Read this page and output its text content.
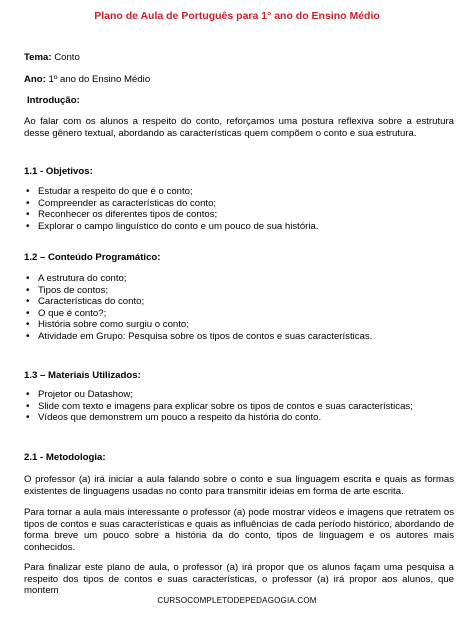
Plano de Aula de Português para 1° ano do Ensino Médio
Tema: Conto
Ano: 1º ano do Ensino Médio
Introdução:
Ao falar com os alunos a respeito do conto, reforçamos uma postura reflexiva sobre a estrutura desse gênero textual, abordando as características quem compõem o conto e sua estrutura.
1.1 - Objetivos:
• Estudar a respeito do que é o conto;
• Compreender as características do conto;
• Reconhecer os diferentes tipos de contos;
• Explorar o campo linguístico do conto e um pouco de sua história.
1.2 – Conteúdo Programático:
• A estrutura do conto;
• Tipos de contos;
• Características do conto;
• O que é conto?;
• História sobre como surgiu o conto;
• Atividade em Grupo: Pesquisa sobre os tipos de contos e suas características.
1.3 – Materiais Utilizados:
• Projetor ou Datashow;
• Slide com texto e imagens para explicar sobre os tipos de contos e suas características;
• Vídeos que demonstrem um pouco a respeito da história do conto.
2.1 - Metodologia:
O professor (a) irá iniciar a aula falando sobre o conto e sua linguagem escrita e quais as formas existentes de linguagens usadas no conto para transmitir ideias em forma de arte escrita.
Para tornar a aula mais interessante o professor (a) pode mostrar vídeos e imagens que retratem os tipos de contos e suas características e quais as influências de cada período histórico, abordando de forma breve um pouco sobre a história da do conto, tipos de linguagem e os autores mais conhecidos.
Para finalizar este plano de aula, o professor (a) irá propor que os alunos façam uma pesquisa a respeito dos tipos de contos e suas características, o professor (a) irá propor aos alunos, que montem
CURSOCOMPLETODEPEDAGOGIA.COM
